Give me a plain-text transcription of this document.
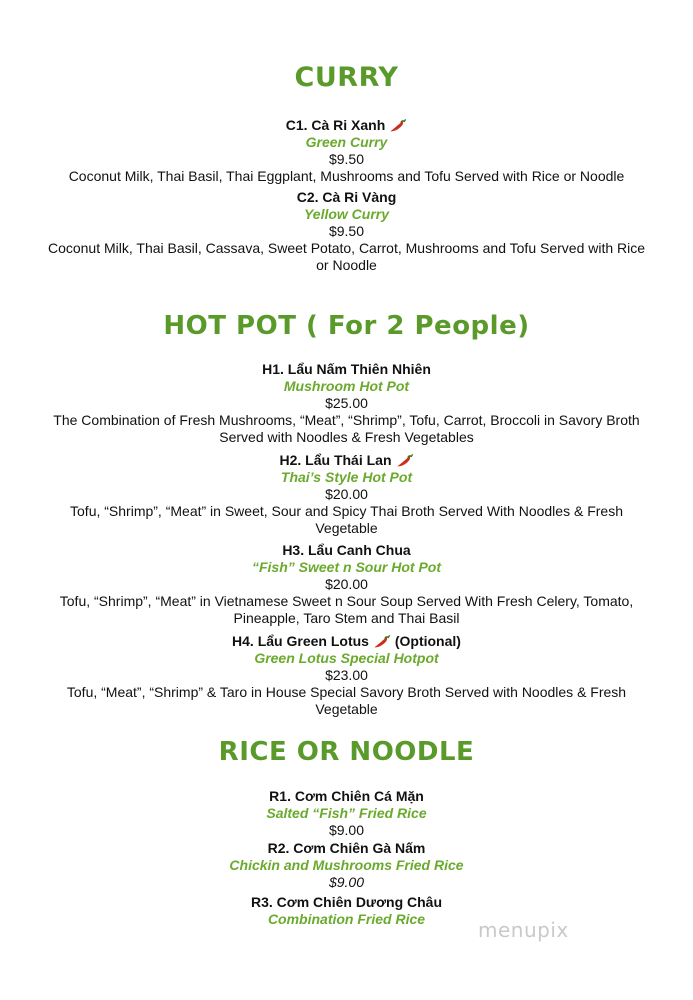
CURRY
C1. Cà Ri Xanh
Green Curry
$9.50
Coconut Milk, Thai Basil, Thai Eggplant, Mushrooms and Tofu Served with Rice or Noodle
C2. Cà Ri Vàng
Yellow Curry
$9.50
Coconut Milk, Thai Basil, Cassava, Sweet Potato, Carrot, Mushrooms and Tofu Served with Rice or Noodle
HOT POT ( For 2 People)
H1. Lẩu Nấm Thiên Nhiên
Mushroom Hot Pot
$25.00
The Combination of Fresh Mushrooms, “Meat”, “Shrimp”, Tofu, Carrot, Broccoli in Savory Broth Served with Noodles & Fresh Vegetables
H2. Lẩu Thái Lan
Thai’s Style Hot Pot
$20.00
Tofu, “Shrimp”, “Meat” in Sweet, Sour and Spicy Thai Broth Served With Noodles & Fresh Vegetable
H3. Lẩu Canh Chua
“Fish” Sweet n Sour Hot Pot
$20.00
Tofu, “Shrimp”, “Meat” in Vietnamese Sweet n Sour Soup Served With Fresh Celery, Tomato, Pineapple, Taro Stem and Thai Basil
H4. Lẩu Green Lotus (Optional)
Green Lotus Special Hotpot
$23.00
Tofu, “Meat”, “Shrimp” & Taro in House Special Savory Broth Served with Noodles & Fresh Vegetable
RICE OR NOODLE
R1. Cơm Chiên Cá Mặn
Salted “Fish” Fried Rice
$9.00
R2. Cơm Chiên Gà Nấm
Chickin and Mushrooms Fried Rice
$9.00
R3. Cơm Chiên Dương Châu
Combination Fried Rice	menupix
